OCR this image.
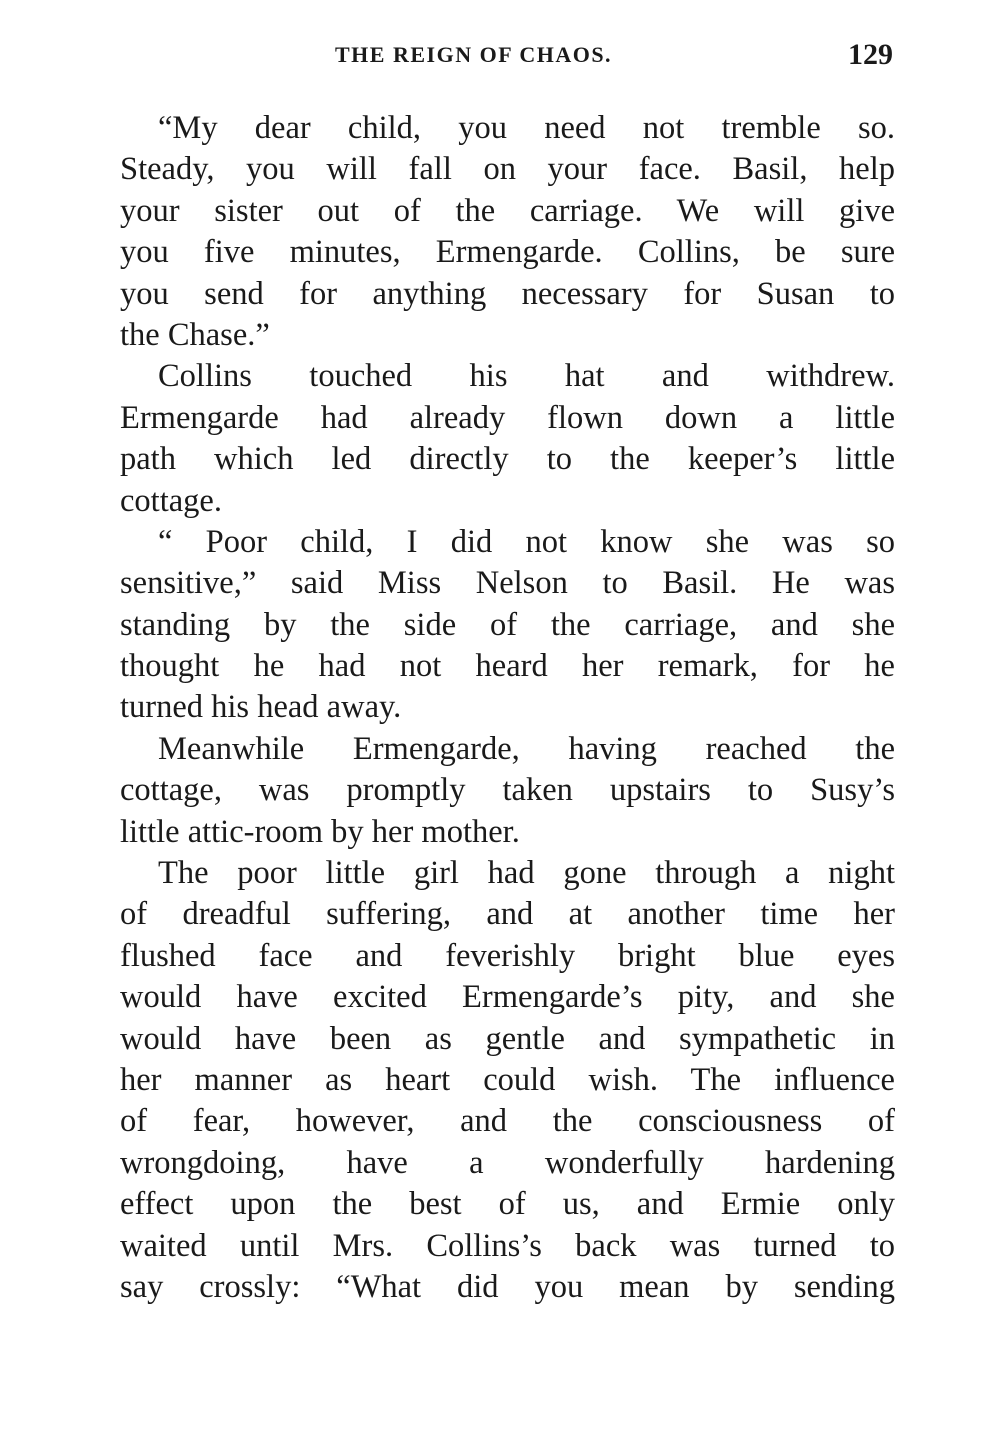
THE REIGN OF CHAOS.	129
“My dear child, you need not tremble so.
Steady, you will fall on your face. Basil, help
your sister out of the carriage. We will give
you five minutes, Ermengarde. Collins, be sure
you send for anything necessary for Susan to
the Chase.”
Collins touched his hat and withdrew.
Ermengarde had already flown down a little
path which led directly to the keeper’s little
cottage.
“ Poor child, I did not know she was so
sensitive,” said Miss Nelson to Basil. He was
standing by the side of the carriage, and she
thought he had not heard her remark, for he
turned his head away.
Meanwhile Ermengarde, having reached the
cottage, was promptly taken upstairs to Susy’s
little attic-room by her mother.
The poor little girl had gone through a night
of dreadful suffering, and at another time her
flushed face and feverishly bright blue eyes
would have excited Ermengarde’s pity, and she
would have been as gentle and sympathetic in
her manner as heart could wish. The influence
of fear, however, and the consciousness of
wrongdoing, have a wonderfully hardening
effect upon the best of us, and Ermie only
waited until Mrs. Collins’s back was turned to
say crossly: “What did you mean by sending
